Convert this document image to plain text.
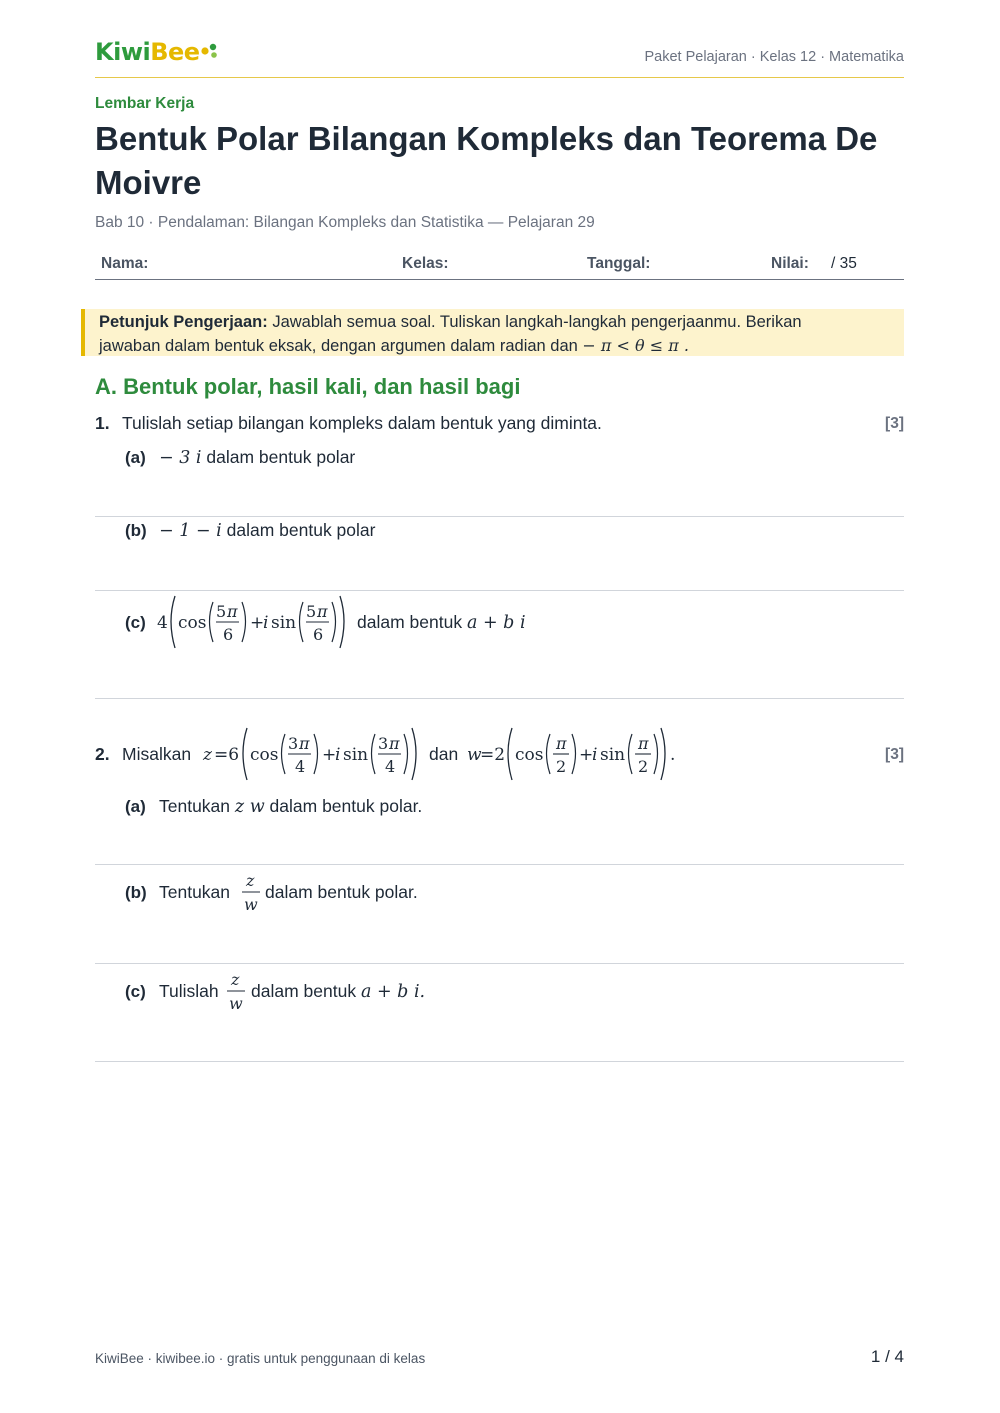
KiwiBee	Paket Pelajaran · Kelas 12 · Matematika
Lembar Kerja
Bentuk Polar Bilangan Kompleks dan Teorema De Moivre
Bab 10 · Pendalaman: Bilangan Kompleks dan Statistika — Pelajaran 29
Nama:	Kelas:	Tanggal:	Nilai: / 35
Petunjuk Pengerjaan: Jawablah semua soal. Tuliskan langkah-langkah pengerjaanmu. Berikan
jawaban dalam bentuk eksak, dengan argumen dalam radian dan − π < θ ≤ π .
A. Bentuk polar, hasil kali, dan hasil bagi
1. Tulislah setiap bilangan kompleks dalam bentuk yang diminta.	[3]
(a) − 3 i dalam bentuk polar
(b) − 1 − i dalam bentuk polar
(c) 4 cos
5 π
6
+
i sin
5 π
6
dalam bentuk a + b i
2. Misalkan z =6 cos
3 π
4
+
i sin
3 π
4
dan w
=2 cos
π
2
+
i sin
π
2
.	[3]
(a) Tentukan z w dalam bentuk polar.
(b) Tentukan
z
w
dalam bentuk polar.
(c) Tulislah
z
w
dalam bentuk a + b i.
KiwiBee · kiwibee.io · gratis untuk penggunaan di kelas	1 / 4
